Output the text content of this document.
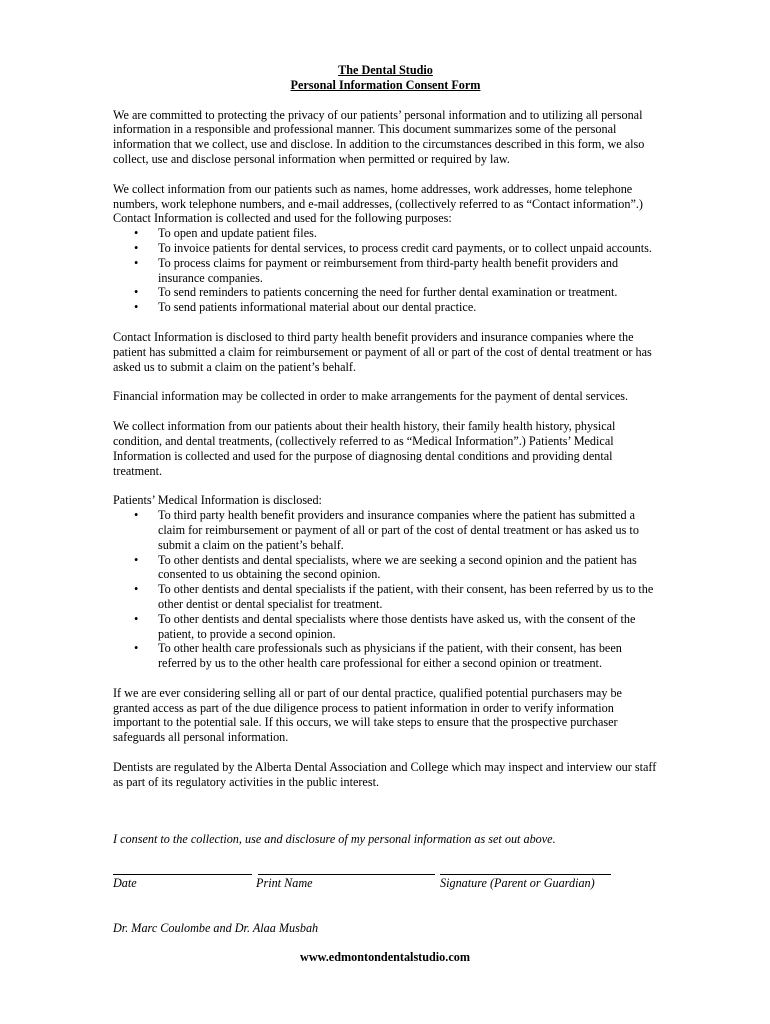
The Dental Studio

Personal Information Consent Form

We are committed to protecting the privacy of our patients’ personal information and to utilizing all personal information in a responsible and professional manner. This document summarizes some of the personal information that we collect, use and disclose. In addition to the circumstances described in this form, we also collect, use and disclose personal information when permitted or required by law.

We collect information from our patients such as names, home addresses, work addresses, home telephone numbers, work telephone numbers, and e-mail addresses, (collectively referred to as “Contact information”.) Contact Information is collected and used for the following purposes:

• To open and update patient files.
• To invoice patients for dental services, to process credit card payments, or to collect unpaid accounts.
• To process claims for payment or reimbursement from third-party health benefit providers and insurance companies.
• To send reminders to patients concerning the need for further dental examination or treatment.
• To send patients informational material about our dental practice.

Contact Information is disclosed to third party health benefit providers and insurance companies where the patient has submitted a claim for reimbursement or payment of all or part of the cost of dental treatment or has asked us to submit a claim on the patient’s behalf.

Financial information may be collected in order to make arrangements for the payment of dental services.

We collect information from our patients about their health history, their family health history, physical condition, and dental treatments, (collectively referred to as “Medical Information”.) Patients’ Medical Information is collected and used for the purpose of diagnosing dental conditions and providing dental treatment.

Patients’ Medical Information is disclosed:

• To third party health benefit providers and insurance companies where the patient has submitted a claim for reimbursement or payment of all or part of the cost of dental treatment or has asked us to submit a claim on the patient’s behalf.
• To other dentists and dental specialists, where we are seeking a second opinion and the patient has consented to us obtaining the second opinion.
• To other dentists and dental specialists if the patient, with their consent, has been referred by us to the other dentist or dental specialist for treatment.
• To other dentists and dental specialists where those dentists have asked us, with the consent of the patient, to provide a second opinion.
• To other health care professionals such as physicians if the patient, with their consent, has been referred by us to the other health care professional for either a second opinion or treatment.

If we are ever considering selling all or part of our dental practice, qualified potential purchasers may be granted access as part of the due diligence process to patient information in order to verify information important to the potential sale. If this occurs, we will take steps to ensure that the prospective purchaser safeguards all personal information.

Dentists are regulated by the Alberta Dental Association and College which may inspect and interview our staff as part of its regulatory activities in the public interest.

I consent to the collection, use and disclosure of my personal information as set out above.

Date	Print Name	Signature (Parent or Guardian)

Dr. Marc Coulombe and Dr. Alaa Musbah

www.edmontondentalstudio.com
